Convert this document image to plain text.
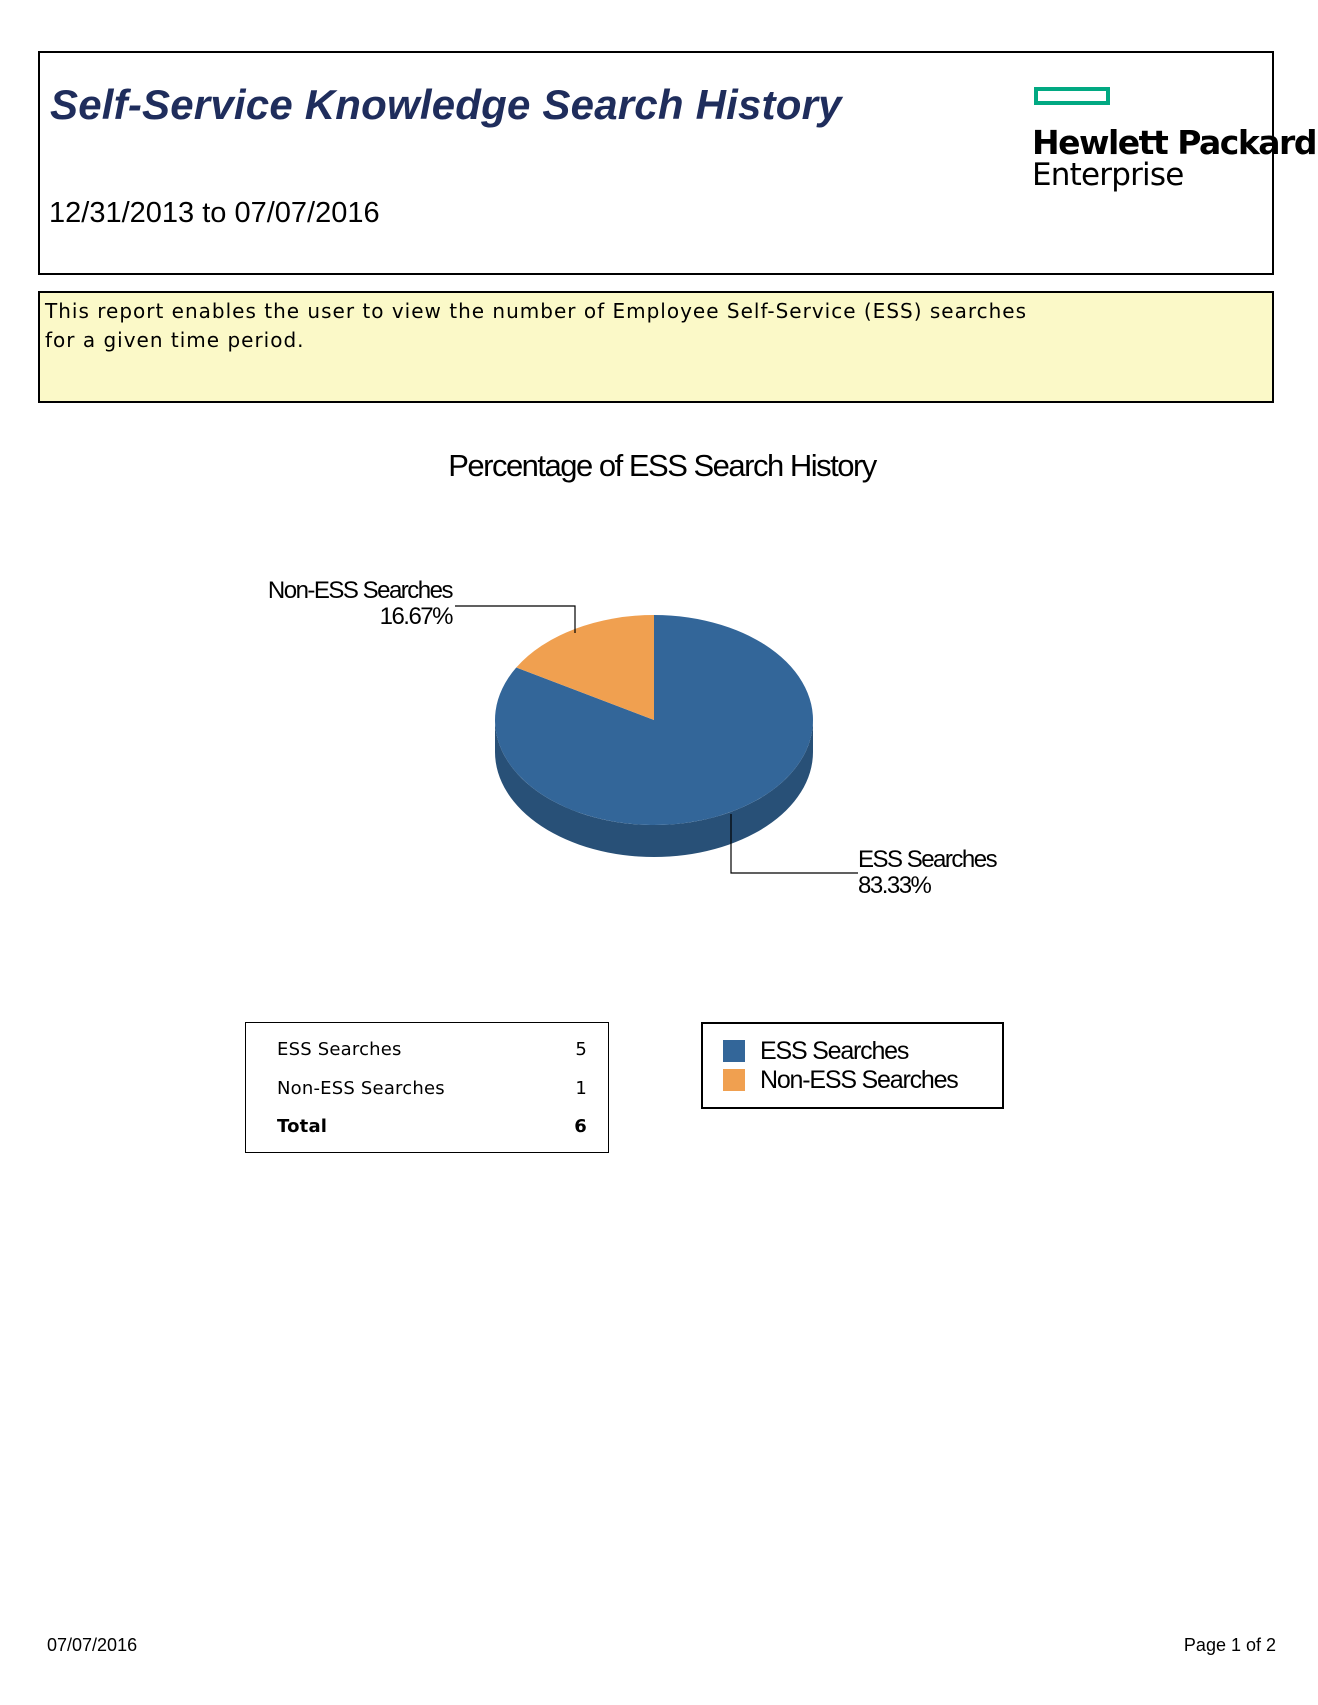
Self-Service Knowledge Search History
12/31/2013 to 07/07/2016
Hewlett Packard
Enterprise
This report enables the user to view the number of Employee Self-Service (ESS) searches
for a given time period.
Percentage of ESS Search History
Non-ESS Searches
16.67%
ESS Searches
83.33%
ESS Searches	5
Non-ESS Searches	1
Total	6
ESS Searches
Non-ESS Searches
07/07/2016	Page 1 of 2
